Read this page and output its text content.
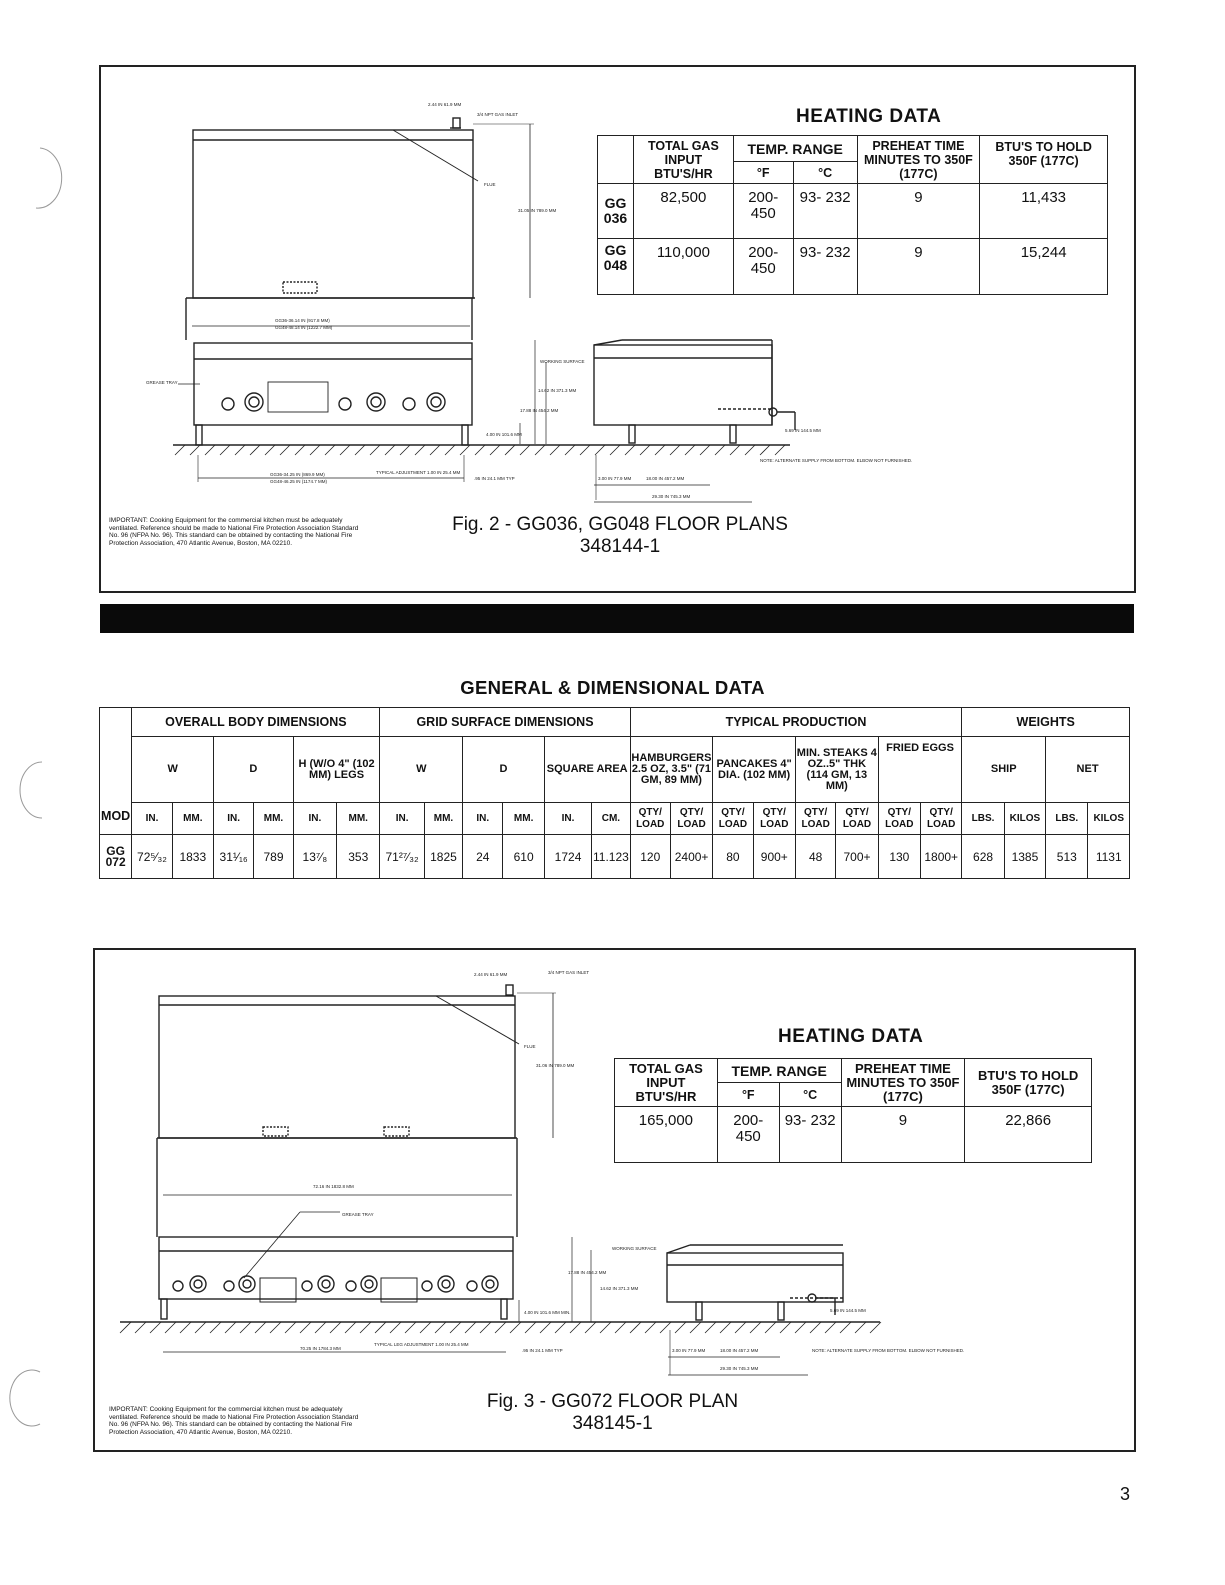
HEATING DATA
	TOTAL GAS INPUT BTU'S/HR	TEMP. RANGE		PREHEAT TIME MINUTES TO 350F (177C)	BTU'S TO HOLD 350F (177C)
		°F	°C		
GG 036	82,500	200- 450	93- 232	9	11,433
GG 048	110,000	200- 450	93- 232	9	15,244
2.44 IN 61.9 MM
3/4 NPT GAS INLET
FLUE
31.05 IN 789.0 MM
GG36-36.14 IN (917.8 MM)
GG48-48.14 IN (1222.7 MM)
GREASE TRAY
WORKING SURFACE
14.62 IN 371.3 MM
17.88 IN 454.2 MM
4.00 IN 101.6 MM
TYPICAL ADJUSTMENT 1.00 IN 25.4 MM
GG36-34.25 IN (869.9 MM)
GG48-46.25 IN (1174.7 MM)
.95 IN 24.1 MM TYP	3.00 IN 77.9 MM	18.00 IN 457.2 MM
29.30 IN 745.3 MM
5.69 IN 144.5 MM
NOTE: ALTERNATE SUPPLY FROM BOTTOM. ELBOW NOT FURNISHED.
IMPORTANT: Cooking Equipment for the commercial kitchen must be adequately ventilated. Reference should be made to National Fire Protection Association Standard No. 96 (NFPA No. 96). This standard can be obtained by contacting the National Fire Protection Association, 470 Atlantic Avenue, Boston, MA 02210.
Fig. 2 - GG036, GG048 FLOOR PLANS
348144-1
GENERAL & DIMENSIONAL DATA
MOD	OVERALL BODY DIMENSIONS						GRID SURFACE DIMENSIONS						TYPICAL PRODUCTION								WEIGHTS			
	W		D		H (W/O 4" (102 MM) LEGS		W		D		SQUARE AREA		HAMBURGERS 2.5 OZ, 3.5" (71 GM, 89 MM)		PANCAKES 4" DIA. (102 MM)		MIN. STEAKS 4 OZ..5" THK (114 GM, 13 MM)		FRIED EGGS		SHIP		NET	
	IN.	MM.	IN.	MM.	IN.	MM.	IN.	MM.	IN.	MM.	IN.	CM.	QTY/ LOAD	QTY/ LOAD	QTY/ LOAD	QTY/ LOAD	QTY/ LOAD	QTY/ LOAD	QTY/ LOAD	QTY/ LOAD	LBS.	KILOS	LBS.	KILOS
GG 072	72⁵⁄₃₂	1833	31¹⁄₁₆	789	13⁷⁄₈	353	71²⁷⁄₃₂	1825	24	610	1724	11.123	120	2400+	80	900+	48	700+	130	1800+	628	1385	513	1131
HEATING DATA
TOTAL GAS INPUT BTU'S/HR	TEMP. RANGE		PREHEAT TIME MINUTES TO 350F (177C)	BTU'S TO HOLD 350F (177C)
	°F	°C		
165,000	200- 450	93- 232	9	22,866
2.44 IN 61.9 MM	3/4 NPT GAS INLET
FLUE
31.06 IN 789.0 MM
72.16 IN 1832.8 MM
GREASE TRAY
WORKING SURFACE
17.88 IN 454.2 MM
14.62 IN 371.3 MM
4.00 IN 101.6 MM MIN.
70.25 IN 1784.3 MM
TYPICAL LEG ADJUSTMENT 1.00 IN 25.4 MM
.95 IN 24.1 MM TYP	3.00 IN 77.9 MM	18.00 IN 457.2 MM
29.30 IN 745.3 MM
5.69 IN 144.5 MM
NOTE: ALTERNATE SUPPLY FROM BOTTOM. ELBOW NOT FURNISHED.
IMPORTANT: Cooking Equipment for the commercial kitchen must be adequately ventilated. Reference should be made to National Fire Protection Association Standard No. 96 (NFPA No. 96). This standard can be obtained by contacting the National Fire Protection Association, 470 Atlantic Avenue, Boston, MA 02210.
Fig. 3 - GG072 FLOOR PLAN
348145-1
3
